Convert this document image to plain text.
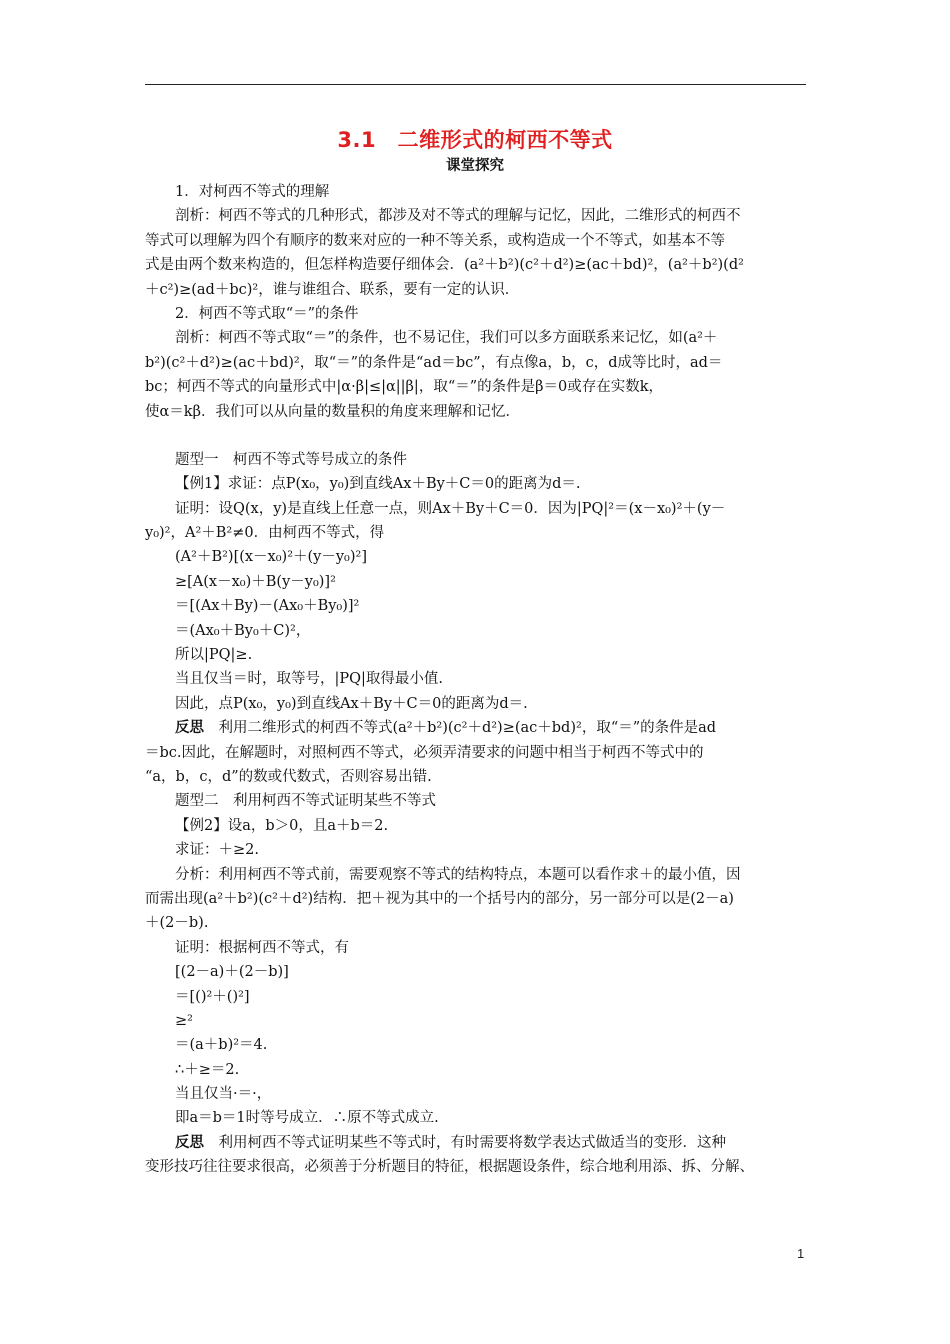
3.1　二维形式的柯西不等式
课堂探究
1．对柯西不等式的理解
剖析：柯西不等式的几种形式，都涉及对不等式的理解与记忆，因此，二维形式的柯西不
等式可以理解为四个有顺序的数来对应的一种不等关系，或构造成一个不等式，如基本不等
式是由两个数来构造的，但怎样构造要仔细体会．(a²＋b²)(c²＋d²)≥(ac＋bd)²，(a²＋b²)(d²
＋c²)≥(ad＋bc)²，谁与谁组合、联系，要有一定的认识．
2．柯西不等式取“＝”的条件
剖析：柯西不等式取“＝”的条件，也不易记住，我们可以多方面联系来记忆，如(a²＋
b²)(c²＋d²)≥(ac＋bd)²，取“＝”的条件是“ad＝bc”，有点像a，b，c，d成等比时，ad＝
bc；柯西不等式的向量形式中|α·β|≤|α||β|，取“＝”的条件是β＝0或存在实数k，
使α＝kβ．我们可以从向量的数量积的角度来理解和记忆．
题型一　柯西不等式等号成立的条件
【例1】求证：点P(x₀，y₀)到直线Ax＋By＋C＝0的距离为d＝.
证明：设Q(x，y)是直线上任意一点，则Ax＋By＋C＝0．因为|PQ|²＝(x－x₀)²＋(y－
y₀)²，A²＋B²≠0．由柯西不等式，得
(A²＋B²)[(x－x₀)²＋(y－y₀)²]
≥[A(x－x₀)＋B(y－y₀)]²
＝[(Ax＋By)－(Ax₀＋By₀)]²
＝(Ax₀＋By₀＋C)²，
所以|PQ|≥.
当且仅当＝时，取等号，|PQ|取得最小值.
因此，点P(x₀，y₀)到直线Ax＋By＋C＝0的距离为d＝.
反思　利用二维形式的柯西不等式(a²＋b²)(c²＋d²)≥(ac＋bd)²，取“＝”的条件是ad
＝bc.因此，在解题时，对照柯西不等式，必须弄清要求的问题中相当于柯西不等式中的
“a，b，c，d”的数或代数式，否则容易出错.
题型二　利用柯西不等式证明某些不等式
【例2】设a，b＞0，且a＋b＝2.
求证：＋≥2.
分析：利用柯西不等式前，需要观察不等式的结构特点，本题可以看作求＋的最小值，因
而需出现(a²＋b²)(c²＋d²)结构．把＋视为其中的一个括号内的部分，另一部分可以是(2－a)
＋(2－b).
证明：根据柯西不等式，有
[(2－a)＋(2－b)]
＝[()²＋()²]
≥²
＝(a＋b)²＝4.
∴＋≥＝2.
当且仅当·＝·，
即a＝b＝1时等号成立．∴原不等式成立.
反思　利用柯西不等式证明某些不等式时，有时需要将数学表达式做适当的变形．这种
变形技巧往往要求很高，必须善于分析题目的特征，根据题设条件，综合地利用添、拆、分解、
1
